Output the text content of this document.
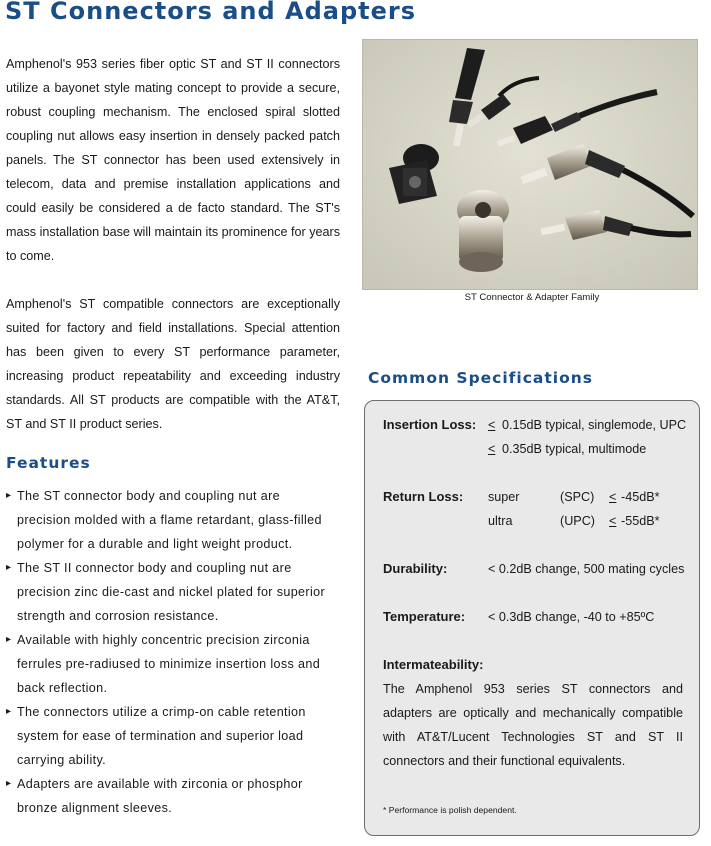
ST Connectors and Adapters

Amphenol's 953 series fiber optic ST and ST II connectors utilize a bayonet style mating concept to provide a secure, robust coupling mechanism. The enclosed spiral slotted coupling nut allows easy insertion in densely packed patch panels. The ST connector has been used extensively in telecom, data and premise installation applications and could easily be considered a de facto standard. The ST's mass installation base will maintain its prominence for years to come.

Amphenol's ST compatible connectors are exceptionally suited for factory and field installations. Special attention has been given to every ST performance parameter, increasing product repeatability and exceeding industry standards. All ST products are compatible with the AT&T, ST and ST II product series.

Features
▸ The ST connector body and coupling nut are precision molded with a flame retardant, glass-filled polymer for a durable and light weight product.
▸ The ST II connector body and coupling nut are precision zinc die-cast and nickel plated for superior strength and corrosion resistance.
▸ Available with highly concentric precision zirconia ferrules pre-radiused to minimize insertion loss and back reflection.
▸ The connectors utilize a crimp-on cable retention system for ease of termination and superior load carrying ability.
▸ Adapters are available with zirconia or phosphor bronze alignment sleeves.

ST Connector & Adapter Family

Common Specifications
Insertion Loss: < 0.15dB typical, singlemode, UPC
< 0.35dB typical, multimode
Return Loss: super	(SPC) < -45dB*
ultra	(UPC) < -55dB*
Durability:	< 0.2dB change, 500 mating cycles
Temperature: < 0.3dB change, -40 to +85ºC
Intermateability:

The Amphenol 953 series ST connectors and adapters are optically and mechanically compatible with AT&T/Lucent Technologies ST and ST II connectors and their functional equivalents.

* Performance is polish dependent.
